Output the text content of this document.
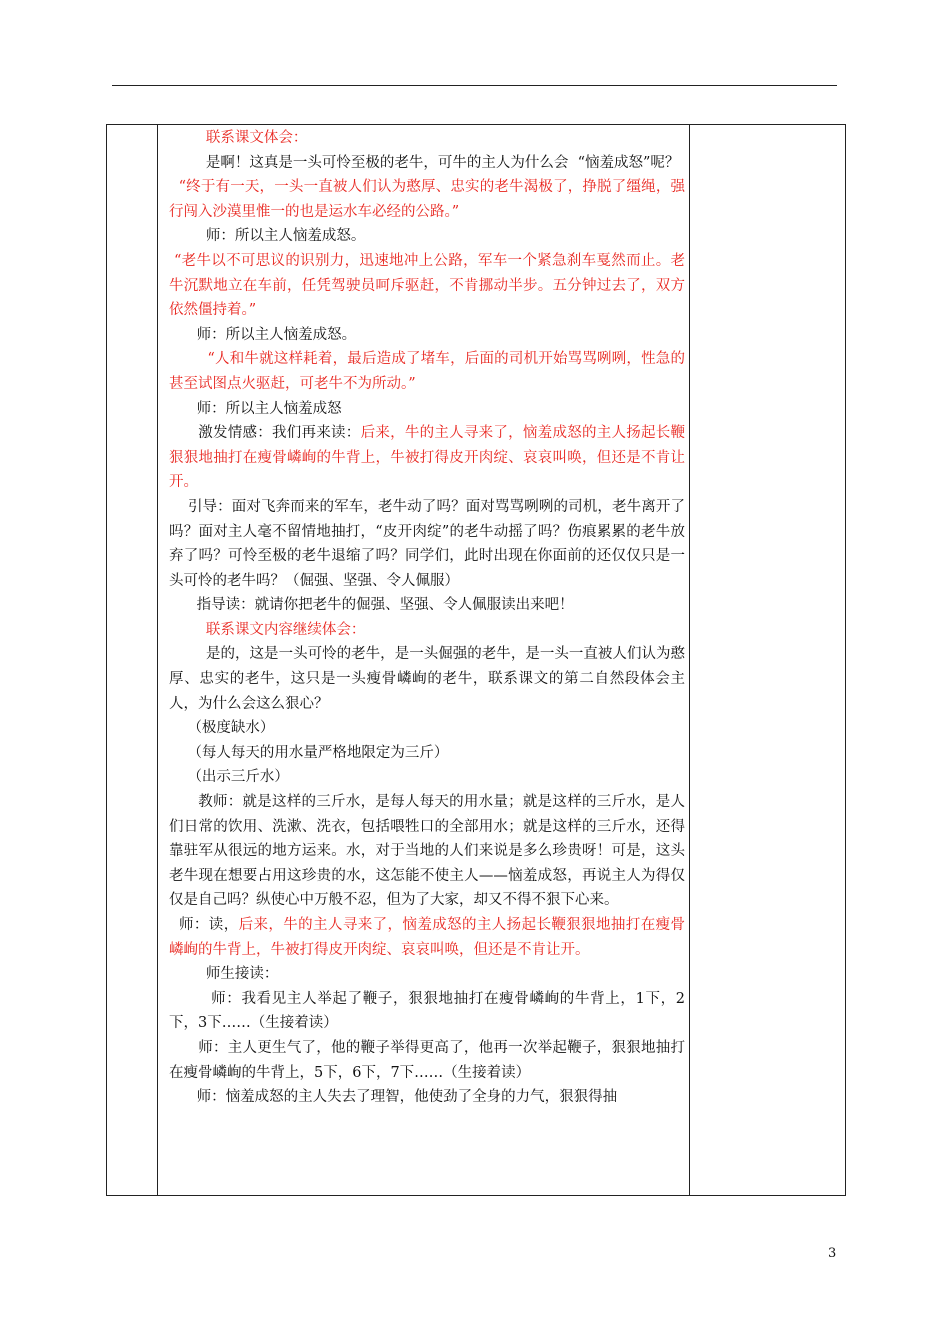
联系课文体会：

是啊！这真是一头可怜至极的老牛，可牛的主人为什么会  “恼羞成怒”呢？

“终于有一天，一头一直被人们认为憨厚、忠实的老牛渴极了，挣脱了缰绳，强行闯入沙漠里惟一的也是运水车必经的公路。”

师：所以主人恼羞成怒。

“老牛以不可思议的识别力，迅速地冲上公路，军车一个紧急刹车戛然而止。老牛沉默地立在车前，任凭驾驶员呵斥驱赶，不肯挪动半步。五分钟过去了，双方依然僵持着。”

师：所以主人恼羞成怒。

“人和牛就这样耗着，最后造成了堵车，后面的司机开始骂骂咧咧，性急的甚至试图点火驱赶，可老牛不为所动。”

师：所以主人恼羞成怒

激发情感：我们再来读：后来，牛的主人寻来了，恼羞成怒的主人扬起长鞭狠狠地抽打在瘦骨嶙峋的牛背上，牛被打得皮开肉绽、哀哀叫唤，但还是不肯让开。

引导：面对飞奔而来的军车，老牛动了吗？面对骂骂咧咧的司机，老牛离开了吗？面对主人毫不留情地抽打，“皮开肉绽”的老牛动摇了吗？伤痕累累的老牛放弃了吗？可怜至极的老牛退缩了吗？同学们，此时出现在你面前的还仅仅只是一头可怜的老牛吗？（倔强、坚强、令人佩服）

指导读：就请你把老牛的倔强、坚强、令人佩服读出来吧！

联系课文内容继续体会：

是的，这是一头可怜的老牛，是一头倔强的老牛，是一头一直被人们认为憨厚、忠实的老牛，这只是一头瘦骨嶙峋的老牛，联系课文的第二自然段体会主人，为什么会这么狠心？

（极度缺水）

（每人每天的用水量严格地限定为三斤）

（出示三斤水）

教师：就是这样的三斤水，是每人每天的用水量；就是这样的三斤水，是人们日常的饮用、洗漱、洗衣，包括喂牲口的全部用水；就是这样的三斤水，还得靠驻军从很远的地方运来。水，对于当地的人们来说是多么珍贵呀！可是，这头老牛现在想要占用这珍贵的水，这怎能不使主人——恼羞成怒，再说主人为得仅仅是自己吗？纵使心中万般不忍，但为了大家，却又不得不狠下心来。

师：读，后来，牛的主人寻来了，恼羞成怒的主人扬起长鞭狠狠地抽打在瘦骨嶙峋的牛背上，牛被打得皮开肉绽、哀哀叫唤，但还是不肯让开。

师生接读：

师：我看见主人举起了鞭子，狠狠地抽打在瘦骨嶙峋的牛背上，1下，2下，3下……（生接着读）

师：主人更生气了，他的鞭子举得更高了，他再一次举起鞭子，狠狠地抽打在瘦骨嶙峋的牛背上，5下，6下，7下……（生接着读）

师：恼羞成怒的主人失去了理智，他使劲了全身的力气，狠狠得抽

3
